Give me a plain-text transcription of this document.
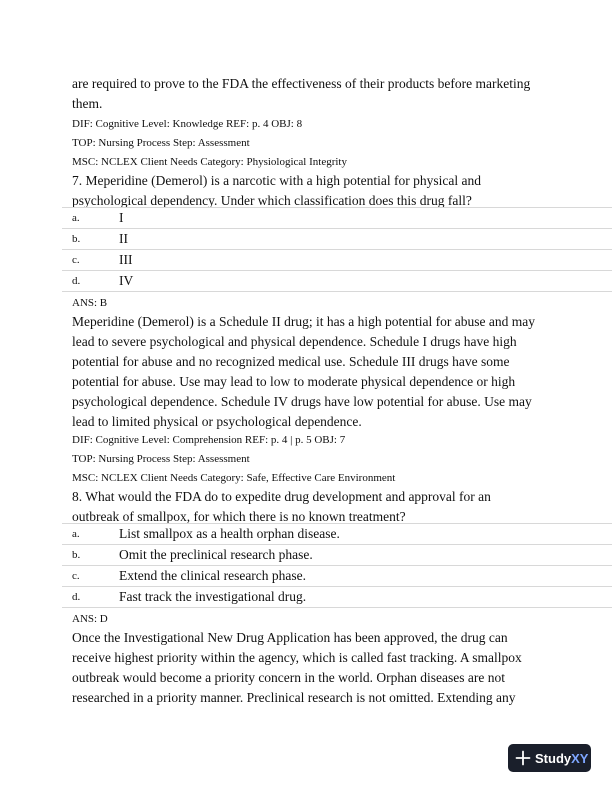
are required to prove to the FDA the effectiveness of their products before marketing

them.

DIF: Cognitive Level: Knowledge REF: p. 4 OBJ: 8

TOP: Nursing Process Step: Assessment

MSC: NCLEX Client Needs Category: Physiological Integrity

7. Meperidine (Demerol) is a narcotic with a high potential for physical and

psychological dependency. Under which classification does this drug fall?

a.	I
b.	II
c.	III
d.	IV

ANS: B

Meperidine (Demerol) is a Schedule II drug; it has a high potential for abuse and may

lead to severe psychological and physical dependence. Schedule I drugs have high

potential for abuse and no recognized medical use. Schedule III drugs have some

potential for abuse. Use may lead to low to moderate physical dependence or high

psychological dependence. Schedule IV drugs have low potential for abuse. Use may

lead to limited physical or psychological dependence.

DIF: Cognitive Level: Comprehension REF: p. 4 | p. 5 OBJ: 7

TOP: Nursing Process Step: Assessment

MSC: NCLEX Client Needs Category: Safe, Effective Care Environment

8. What would the FDA do to expedite drug development and approval for an

outbreak of smallpox, for which there is no known treatment?

a.	List smallpox as a health orphan disease.
b.	Omit the preclinical research phase.
c.	Extend the clinical research phase.
d.	Fast track the investigational drug.

ANS: D

Once the Investigational New Drug Application has been approved, the drug can

receive highest priority within the agency, which is called fast tracking. A smallpox

outbreak would become a priority concern in the world. Orphan diseases are not

researched in a priority manner. Preclinical research is not omitted. Extending any

StudyXY
